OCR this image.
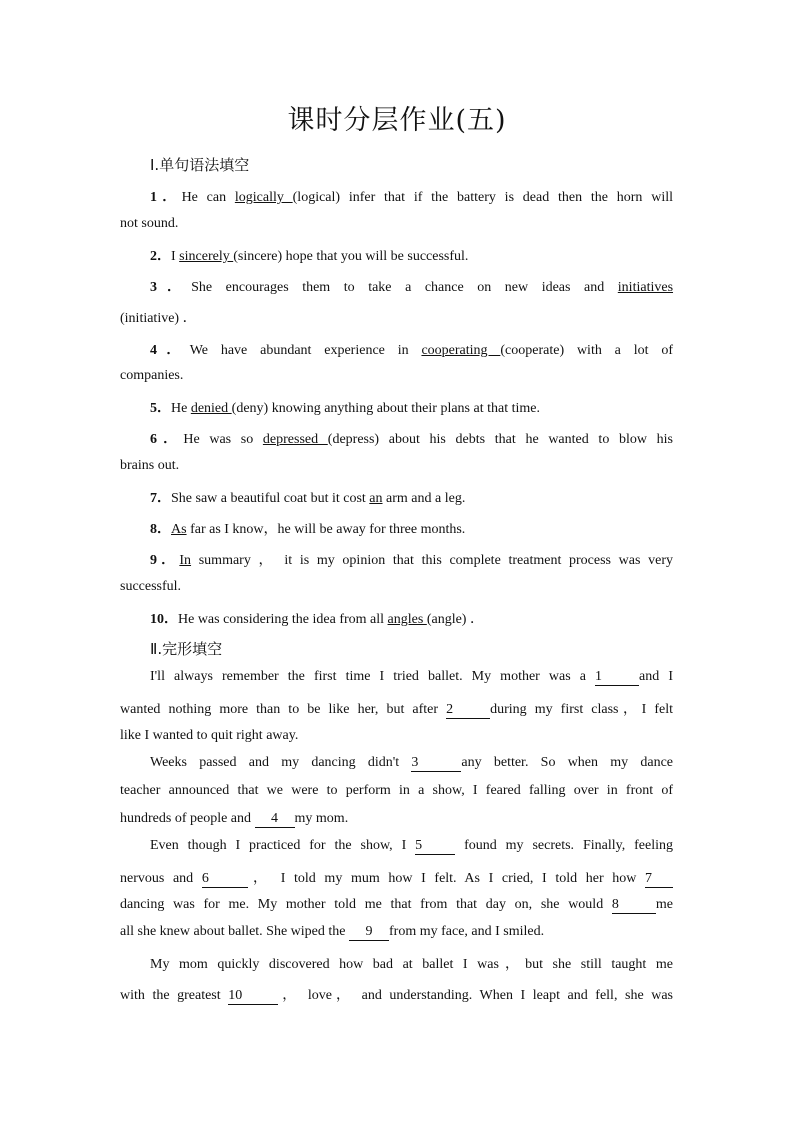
课时分层作业(五)
Ⅰ.单句语法填空
1．He can logically (logical) infer that if the battery is dead then the horn will
not sound.
2．I sincerely (sincere) hope that you will be successful.
3．She encourages them to take a chance on new ideas and initiatives
(initiative) ．
4．We have abundant experience in cooperating (cooperate) with a lot of
companies.
5．He denied (deny) knowing anything about their plans at that time.
6．He was so depressed (depress) about his debts that he wanted to blow his
brains out.
7．She saw a beautiful coat but it cost an arm and a leg.
8．As far as I know，he will be away for three months.
9．In summary ， it is my opinion that this complete treatment process was very
successful.
10．He was considering the idea from all angles (angle) ．
Ⅱ.完形填空
I'll always remember the first time I tried ballet. My mother was a 1	and I
wanted nothing more than to be like her, but after 2	during my first class，I felt
like I wanted to quit right away.
Weeks passed and my dancing didn't 3	any better. So when my dance
teacher announced that we were to perform in a show, I feared falling over in front of
hundreds of people and 4 my mom.
Even though I practiced for the show, I 5 found my secrets. Finally, feeling
nervous and 6	， I told my mum how I felt. As I cried, I told her how 7
dancing was for me. My mother told me that from that day on, she would 8	me
all she knew about ballet. She wiped the 9 from my face, and I smiled.
My mom quickly discovered how bad at ballet I was，but she still taught me
with the greatest 10	， love， and understanding. When I leapt and fell, she was
